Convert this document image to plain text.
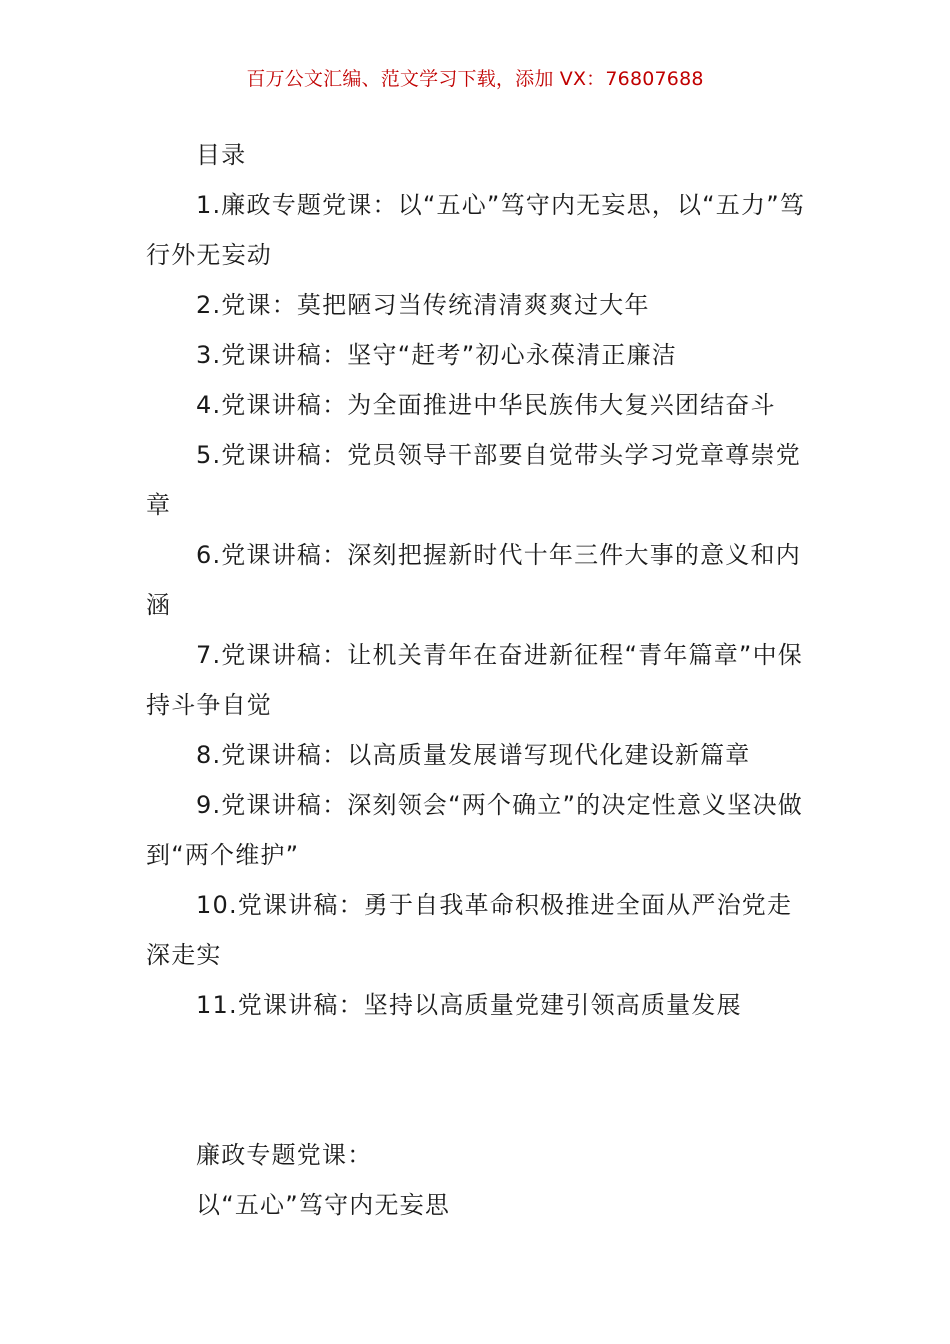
百万公文汇编、范文学习下载，添加 VX：76807688

目录

1.廉政专题党课：以“五心”笃守内无妄思，以“五力”笃行外无妄动

2.党课：莫把陋习当传统清清爽爽过大年

3.党课讲稿：坚守“赶考”初心永葆清正廉洁

4.党课讲稿：为全面推进中华民族伟大复兴团结奋斗

5.党课讲稿：党员领导干部要自觉带头学习党章尊崇党章

6.党课讲稿：深刻把握新时代十年三件大事的意义和内涵

7.党课讲稿：让机关青年在奋进新征程“青年篇章”中保持斗争自觉

8.党课讲稿：以高质量发展谱写现代化建设新篇章

9.党课讲稿：深刻领会“两个确立”的决定性意义坚决做到“两个维护”

10.党课讲稿：勇于自我革命积极推进全面从严治党走深走实

11.党课讲稿：坚持以高质量党建引领高质量发展

廉政专题党课：

以“五心”笃守内无妄思
